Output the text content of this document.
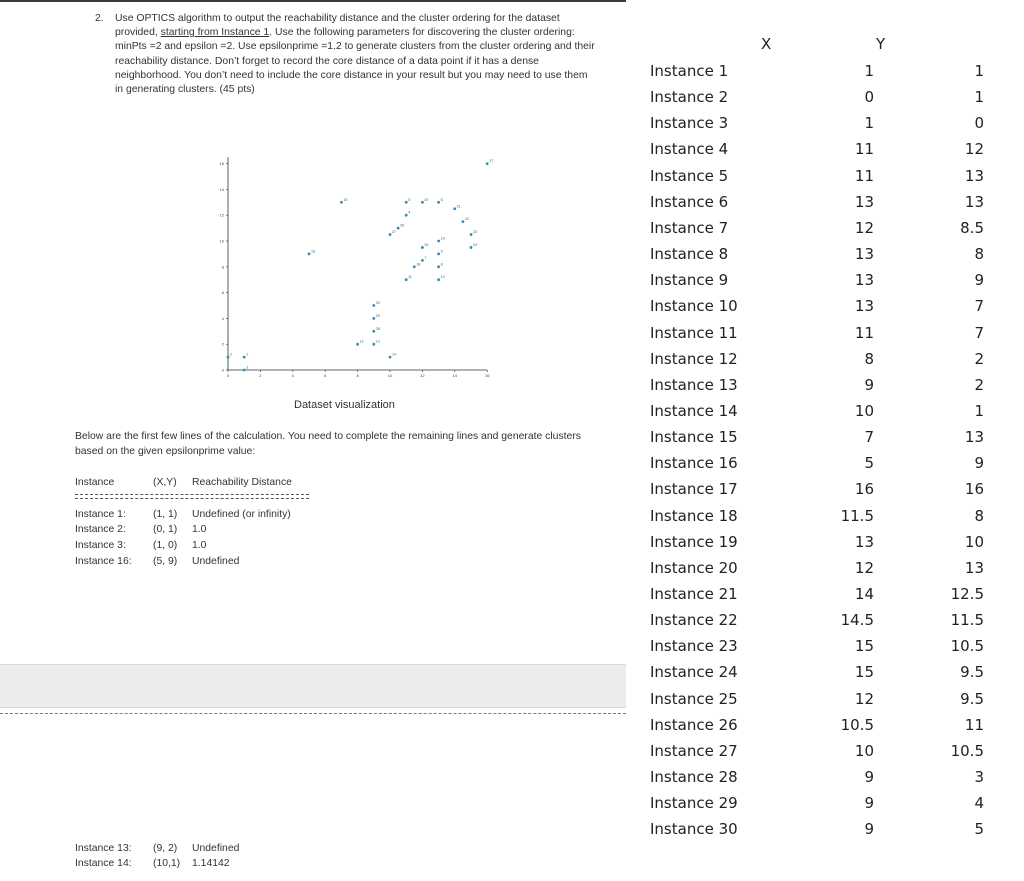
2. Use OPTICS algorithm to output the reachability distance and the cluster ordering for the dataset provided, starting from Instance 1. Use the following parameters for discovering the cluster ordering: minPts =2 and epsilon =2. Use epsilonprime =1.2 to generate clusters from the cluster ordering and their reachability distance. Don’t forget to record the core distance of a data point if it has a dense neighborhood. You don’t need to include the core distance in your result but you may need to use them in generating clusters. (45 pts)
0	2	4	6	8	10	12	14	16
0
2
4
6
8
10
12
14
16
1
2
3
4
5	6
7
8
9
10
11
12	13
14
15
16
17
18
19
20
21
22
23
24
25
26
27
28
29
30
Dataset visualization
Below are the first few lines of the calculation. You need to complete the remaining lines and generate clusters based on the given epsilonprime value:
Instance	(X,Y) Reachability Distance
Instance 1:	(1, 1) Undefined (or infinity)
Instance 2:	(0, 1) 1.0
Instance 3:	(1, 0) 1.0
Instance 16: (5, 9) Undefined
Instance 13: (9, 2) Undefined
Instance 14: (10,1) 1.14142
X	Y
Instance 1	1	1
Instance 2	0	1
Instance 3	1	0
Instance 4	11	12
Instance 5	11	13
Instance 6	13	13
Instance 7	12	8.5
Instance 8	13	8
Instance 9	13	9
Instance 10	13	7
Instance 11	11	7
Instance 12	8	2
Instance 13	9	2
Instance 14	10	1
Instance 15	7	13
Instance 16	5	9
Instance 17	16	16
Instance 18	11.5	8
Instance 19	13	10
Instance 20	12	13
Instance 21	14	12.5
Instance 22	14.5	11.5
Instance 23	15	10.5
Instance 24	15	9.5
Instance 25	12	9.5
Instance 26	10.5	11
Instance 27	10	10.5
Instance 28	9	3
Instance 29	9	4
Instance 30	9	5
